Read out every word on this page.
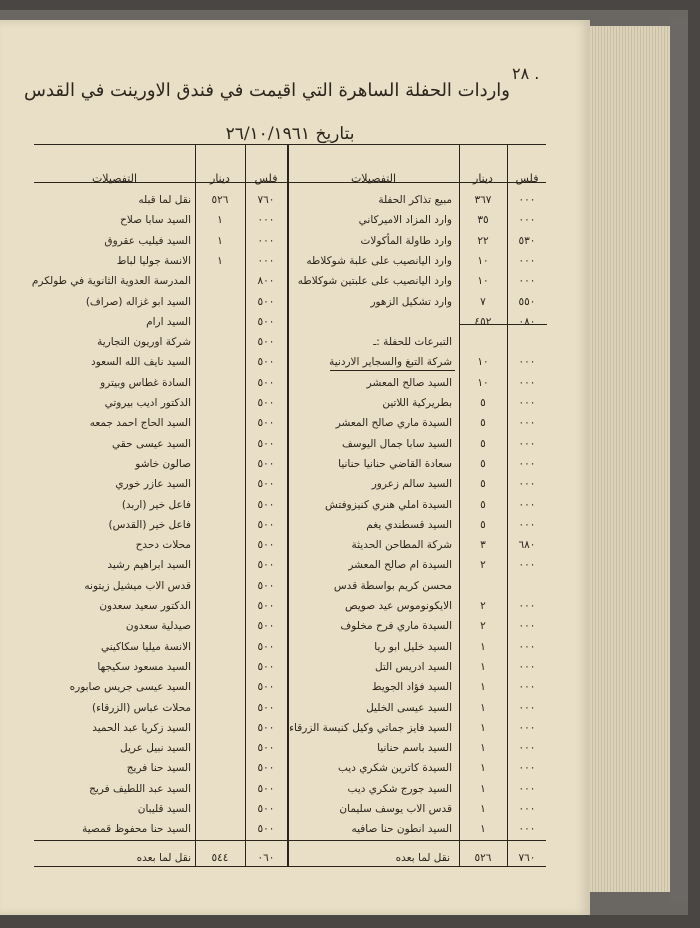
٢٨ .
واردات الحفلة الساهرة التي اقيمت في فندق الاورينت في القدس
بتاريخ ٢٦/١٠/١٩٦١
فلس
دينار
التفصيلات
فلس
دينار
التفصيلات
٠٠٠
٣٦٧
مبيع تذاكر الحفلة
٠٠٠
٣٥
وارد المزاد الاميركاني
٥٣٠
٢٢
وارد طاولة المأكولات
٠٠٠
١٠
وارد اليانصيب على علبة شوكلاطه
٠٠٠
١٠
وارد اليانصيب على علبتين شوكلاطه
٥٥٠
٧
وارد تشكيل الزهور
٠٨٠
٤٥٢
التبرعات للحفلة :ـ
٠٠٠
١٠
شركة التبغ والسجاير الاردنية
٠٠٠
١٠
السيد صالح المعشر
٠٠٠
٥
بطريركية اللاتين
٠٠٠
٥
السيدة ماري صالح المعشر
٠٠٠
٥
السيد سابا جمال اليوسف
٠٠٠
٥
سعادة القاضي حنانيا حنانيا
٠٠٠
٥
السيد سالم زعرور
٠٠٠
٥
السيدة املي هنري كنيزوفتش
٠٠٠
٥
السيد قسطندي يغم
٦٨٠
٣
شركة المطاحن الحديثة
٠٠٠
٢
السيدة ام صالح المعشر
محسن كريم بواسطة قدس
٠٠٠
٢
الايكونوموس عيد صويص
٠٠٠
٢
السيدة ماري فرح مخلوف
٠٠٠
١
السيد خليل ابو ريا
٠٠٠
١
السيد ادريس التل
٠٠٠
١
السيد فؤاد الجويط
٠٠٠
١
السيد عيسى الخليل
٠٠٠
١
السيد فايز جماتي وكيل كنيسة الزرقاء
٠٠٠
١
السيد باسم حنانيا
٠٠٠
١
السيدة كاترين شكري ديب
٠٠٠
١
السيد جورج شكري ديب
٠٠٠
١
قدس الاب يوسف سليمان
٠٠٠
١
السيد انطون حنا صافيه
٧٦٠
٥٢٦
نقل لما قبله
٠٠٠
١
السيد سابا صلاح
٠٠٠
١
السيد فيليب عقروق
٠٠٠
١
الانسة جوليا لباط
٨٠٠
المدرسة العدوية الثانوية في طولكرم
٥٠٠
السيد ابو غزاله (صراف)
٥٠٠
السيد ارام
٥٠٠
شركة اوريون التجارية
٥٠٠
السيد نايف الله السعود
٥٠٠
السادة غطاس وبيترو
٥٠٠
الدكتور اديب بيروتي
٥٠٠
السيد الحاج احمد جمعه
٥٠٠
السيد عيسى حقي
٥٠٠
صالون خاشو
٥٠٠
السيد عازر خوري
٥٠٠
فاعل خير (اربد)
٥٠٠
فاعل خير (القدس)
٥٠٠
محلات دحدح
٥٠٠
السيد ابراهيم رشيد
٥٠٠
قدس الاب ميشيل زيتونه
٥٠٠
الدكتور سعيد سعدون
٥٠٠
صيدلية سعدون
٥٠٠
الانسة ميليا سكاكيني
٥٠٠
السيد مسعود سكيجها
٥٠٠
السيد عيسى جريس صابوره
٥٠٠
محلات عباس (الزرقاء)
٥٠٠
السيد زكريا عبد الحميد
٥٠٠
السيد نبيل عريل
٥٠٠
السيد حنا فريج
٥٠٠
السيد عبد اللطيف فريج
٥٠٠
السيد قليبان
٥٠٠
السيد حنا محفوظ قمصية
٧٦٠
٥٢٦
نقل لما بعده
٠٦٠
٥٤٤
نقل لما بعده
